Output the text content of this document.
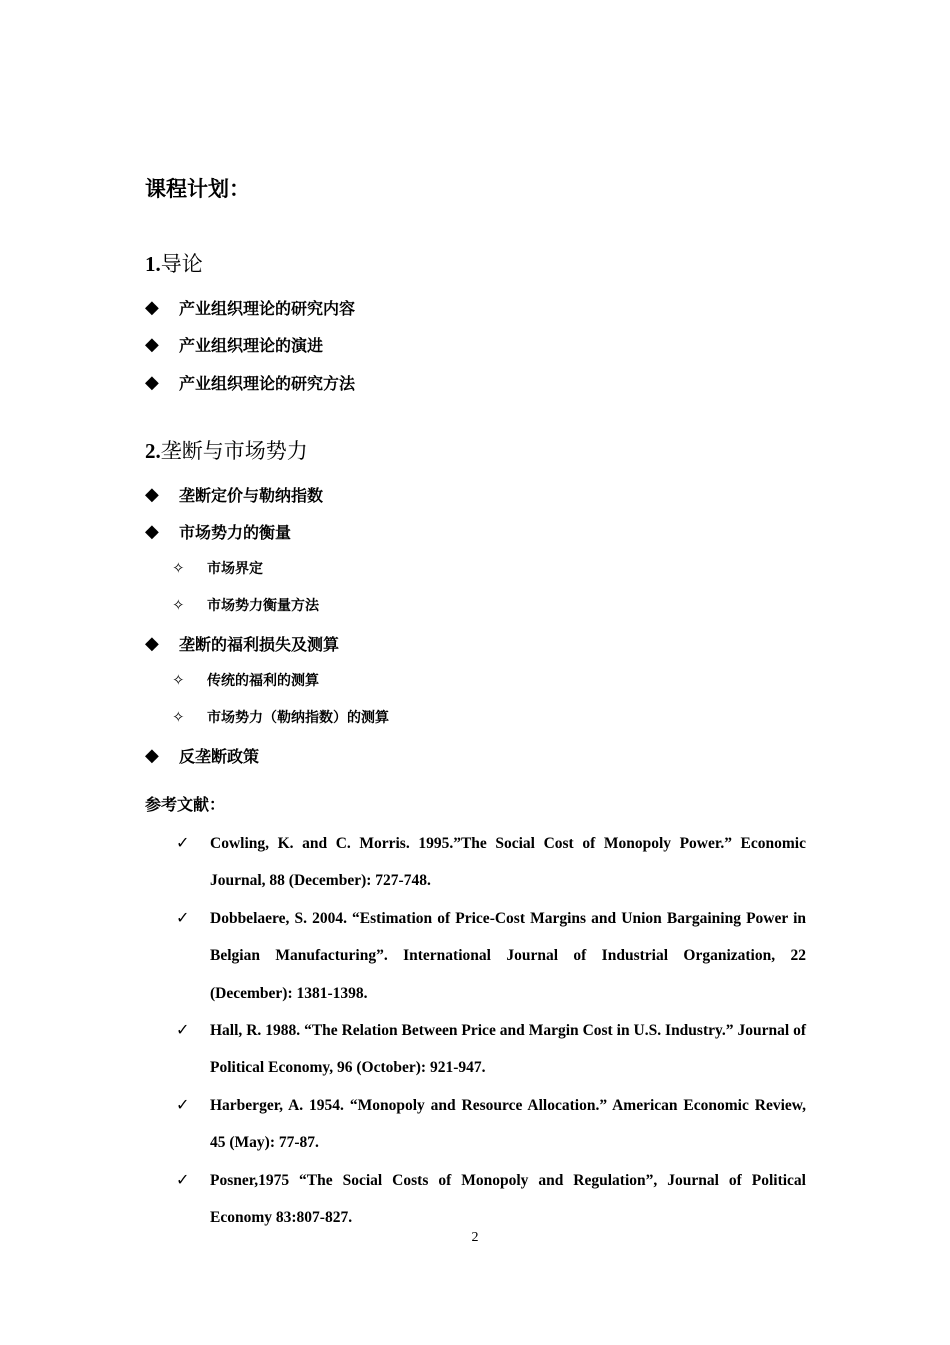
课程计划：
1.导论
◆	产业组织理论的研究内容
◆	产业组织理论的演进
◆	产业组织理论的研究方法
2.垄断与市场势力
◆	垄断定价与勒纳指数
◆	市场势力的衡量
✧	市场界定
✧	市场势力衡量方法
◆	垄断的福利损失及测算
✧	传统的福利的测算
✧	市场势力（勒纳指数）的测算
◆	反垄断政策
参考文献：
✓ Cowling, K. and C. Morris. 1995.”The Social Cost of Monopoly Power.” Economic Journal, 88 (December): 727-748.

✓ Dobbelaere, S. 2004. “Estimation of Price-Cost Margins and Union Bargaining Power in Belgian Manufacturing”. International Journal of Industrial Organization, 22 (December): 1381-1398.

✓ Hall, R. 1988. “The Relation Between Price and Margin Cost in U.S. Industry.” Journal of Political Economy, 96 (October): 921-947.

✓ Harberger, A. 1954. “Monopoly and Resource Allocation.” American Economic Review, 45 (May): 77-87.

✓ Posner,1975 “The Social Costs of Monopoly and Regulation”, Journal of Political Economy 83:807-827.

2
